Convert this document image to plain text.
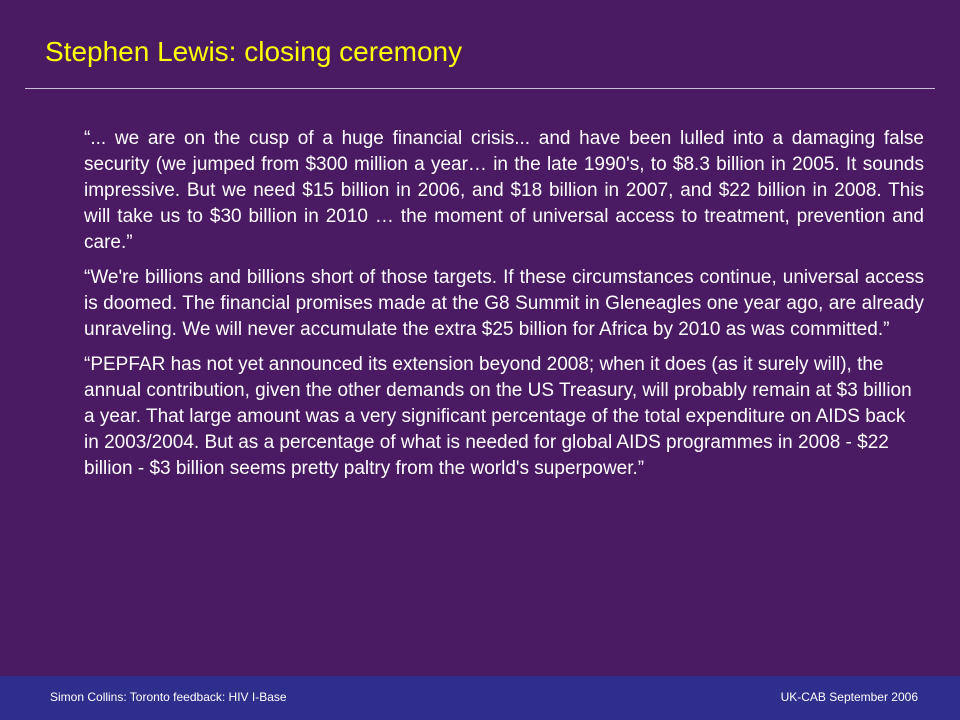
Stephen Lewis: closing ceremony

“... we are on the cusp of a huge financial crisis... and have been lulled into a damaging false security (we jumped from $300 million a year… in the late 1990's, to $8.3 billion in 2005. It sounds impressive. But we need $15 billion in 2006, and $18 billion in 2007, and $22 billion in 2008. This will take us to $30 billion in 2010 … the moment of universal access to treatment, prevention and care.”

“We're billions and billions short of those targets. If these circumstances continue, universal access is doomed. The financial promises made at the G8 Summit in Gleneagles one year ago, are already unraveling. We will never accumulate the extra $25 billion for Africa by 2010 as was committed.”

“PEPFAR has not yet announced its extension beyond 2008; when it does (as it surely will), the annual contribution, given the other demands on the US Treasury, will probably remain at $3 billion a year. That large amount was a very significant percentage of the total expenditure on AIDS back in 2003/2004. But as a percentage of what is needed for global AIDS programmes in 2008 - $22 billion - $3 billion seems pretty paltry from the world's superpower.”

Simon Collins: Toronto feedback: HIV I-Base	UK-CAB September 2006
